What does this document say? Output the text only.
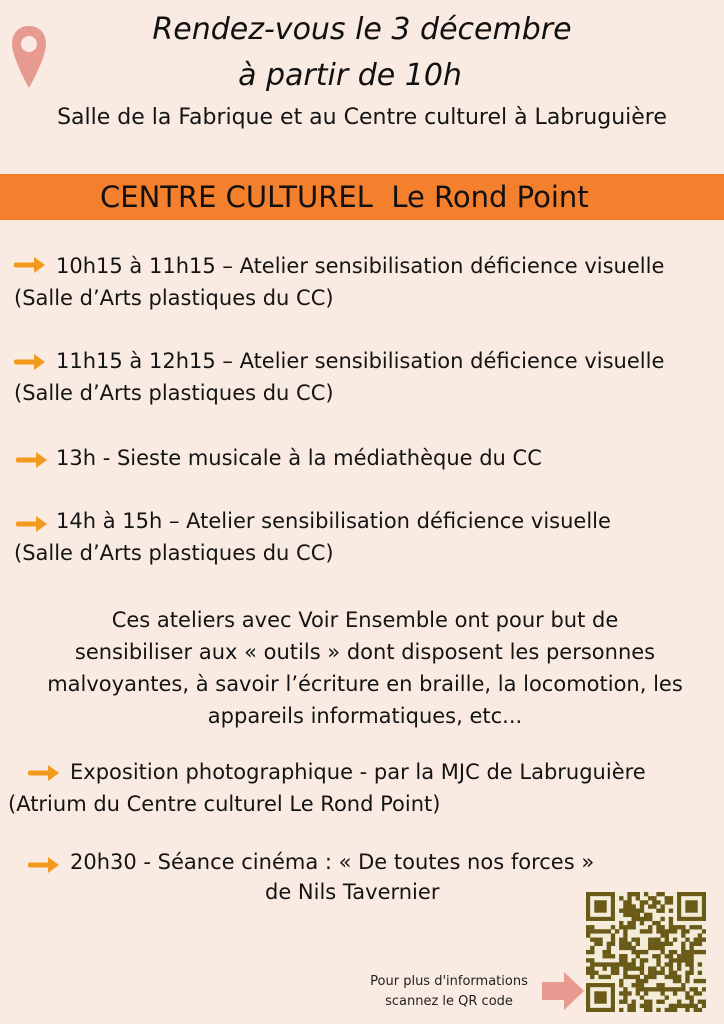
Rendez-vous le 3 décembre
à partir de 10h
Salle de la Fabrique et au Centre culturel à Labruguière
CENTRE CULTUREL  Le Rond Point
10h15 à 11h15 – Atelier sensibilisation déficience visuelle
(Salle d’Arts plastiques du CC)
11h15 à 12h15 – Atelier sensibilisation déficience visuelle
(Salle d’Arts plastiques du CC)
13h - Sieste musicale à la médiathèque du CC
14h à 15h – Atelier sensibilisation déficience visuelle
(Salle d’Arts plastiques du CC)
Ces ateliers avec Voir Ensemble ont pour but de
sensibiliser aux « outils » dont disposent les personnes
malvoyantes, à savoir l’écriture en braille, la locomotion, les
appareils informatiques, etc...
Exposition photographique - par la MJC de Labruguière
(Atrium du Centre culturel Le Rond Point)
20h30 - Séance cinéma : « De toutes nos forces »
de Nils Tavernier
Pour plus d'informations
scannez le QR code
